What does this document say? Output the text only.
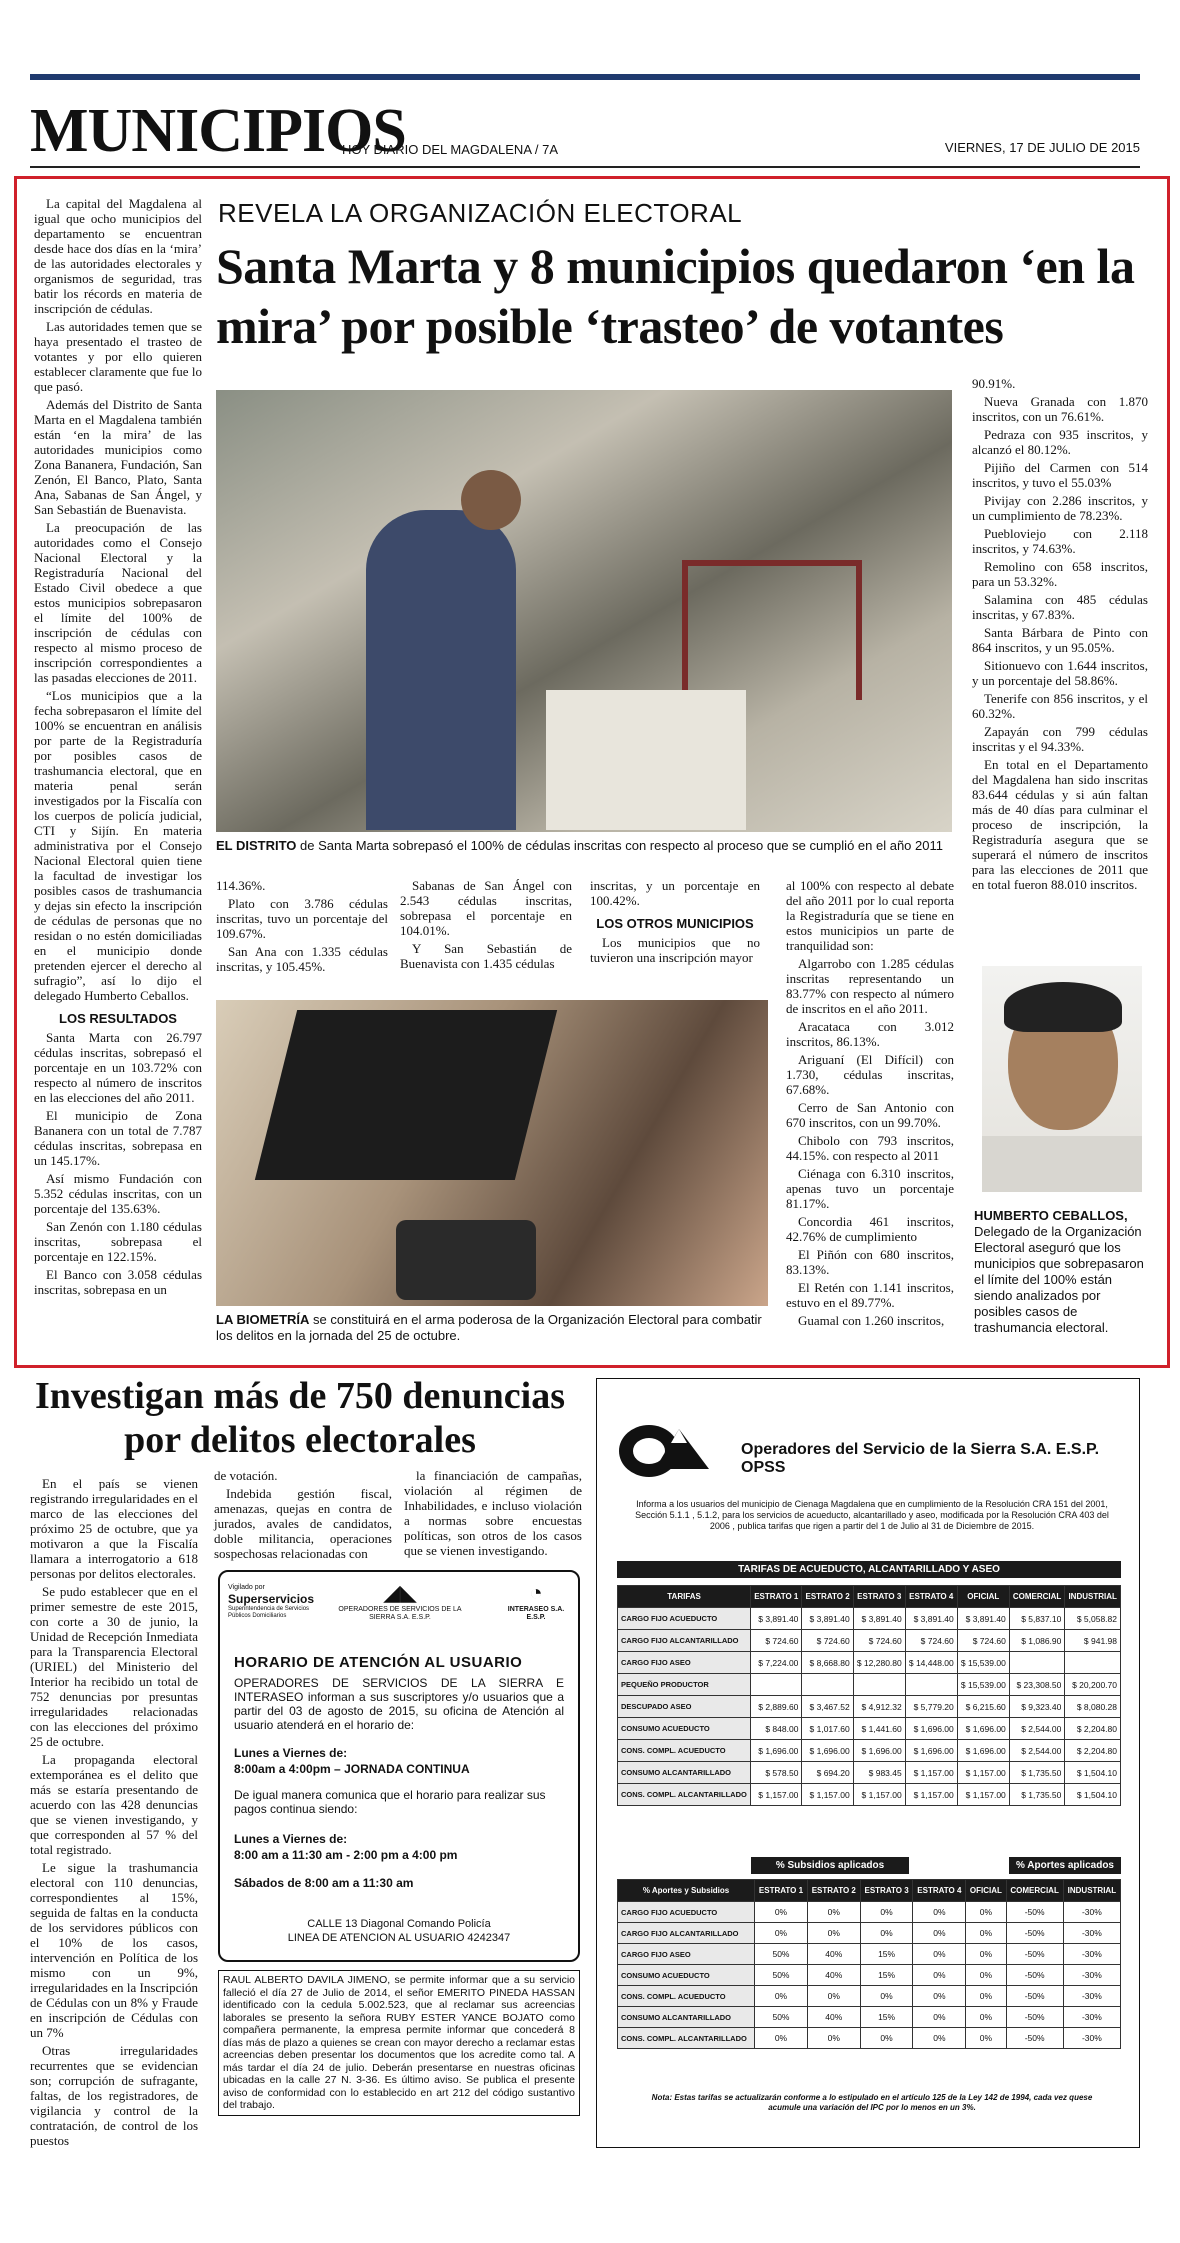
MUNICIPIOS
HOY DIARIO DEL MAGDALENA / 7A	VIERNES, 17 DE JULIO DE 2015

La capital del Magdalena al igual que ocho municipios del departamento se encuentran desde hace dos días en la ‘mira’ de las autoridades electorales y organismos de seguridad, tras batir los récords en materia de inscripción de cédulas.

Las autoridades temen que se haya presentado el trasteo de votantes y por ello quieren establecer claramente que fue lo que pasó.

Además del Distrito de Santa Marta en el Magdalena también están ‘en la mira’ de las autoridades municipios como Zona Bananera, Fundación, San Zenón, El Banco, Plato, Santa Ana, Sabanas de San Ángel, y San Sebastián de Buenavista.

La preocupación de las autoridades como el Consejo Nacional Electoral y la Registraduría Nacional del Estado Civil obedece a que estos municipios sobrepasaron el límite del 100% de inscripción de cédulas con respecto al mismo proceso de inscripción correspondientes a las pasadas elecciones de 2011.

“Los municipios que a la fecha sobrepasaron el límite del 100% se encuentran en análisis por parte de la Registraduría por posibles casos de trashumancia electoral, que en materia penal serán investigados por la Fiscalía con los cuerpos de policía judicial, CTI y Sijín. En materia administrativa por el Consejo Nacional Electoral quien tiene la facultad de investigar los posibles casos de trashumancia y dejas sin efecto la inscripción de cédulas de personas que no residan o no estén domiciliadas en el municipio donde pretenden ejercer el derecho al sufragio”, así lo dijo el delegado Humberto Ceballos.

LOS RESULTADOS

Santa Marta con 26.797 cédulas inscritas, sobrepasó el porcentaje en un 103.72% con respecto al número de inscritos en las elecciones del año 2011.

El municipio de Zona Bananera con un total de 7.787 cédulas inscritas, sobrepasa en un 145.17%.

Así mismo Fundación con 5.352 cédulas inscritas, con un porcentaje del 135.63%.

San Zenón con 1.180 cédulas inscritas, sobrepasa el porcentaje en 122.15%.

El Banco con 3.058 cédulas inscritas, sobrepasa en un

REVELA LA ORGANIZACIÓN ELECTORAL
Santa Marta y 8 municipios quedaron ‘en la mira’ por posible ‘trasteo’ de votantes
EL DISTRITO de Santa Marta sobrepasó el 100% de cédulas inscritas con respecto al proceso que se cumplió en el año 2011

114.36%.

Plato con 3.786 cédulas inscritas, tuvo un porcentaje del 109.67%.

San Ana con 1.335 cédulas inscritas, y 105.45%.

Sabanas de San Ángel con 2.543 cédulas inscritas, sobrepasa el porcentaje en 104.01%.

Y San Sebastián de Buenavista con 1.435 cédulas

inscritas, y un porcentaje en 100.42%.

LOS OTROS MUNICIPIOS

Los municipios que no tuvieron una inscripción mayor

al 100% con respecto al debate del año 2011 por lo cual reporta la Registraduría que se tiene en estos municipios un parte de tranquilidad son:

Algarrobo con 1.285 cédulas inscritas representando un 83.77% con respecto al número de inscritos en el año 2011.

Aracataca con 3.012 inscritos, 86.13%.

Ariguaní (El Difícil) con 1.730, cédulas inscritas, 67.68%.

Cerro de San Antonio con 670 inscritos, con un 99.70%.

Chibolo con 793 inscritos, 44.15%. con respecto al 2011

Ciénaga con 6.310 inscritos, apenas tuvo un porcentaje 81.17%.

Concordia 461 inscritos, 42.76% de cumplimiento

El Piñón con 680 inscritos, 83.13%.

El Retén con 1.141 inscritos, estuvo en el 89.77%.

Guamal con 1.260 inscritos,

90.91%.

Nueva Granada con 1.870 inscritos, con un 76.61%.

Pedraza con 935 inscritos, y alcanzó el 80.12%.

Pijiño del Carmen con 514 inscritos, y tuvo el 55.03%

Pivijay con 2.286 inscritos, y un cumplimiento de 78.23%.

Puebloviejo con 2.118 inscritos, y 74.63%.

Remolino con 658 inscritos, para un 53.32%.

Salamina con 485 cédulas inscritas, y 67.83%.

Santa Bárbara de Pinto con 864 inscritos, y un 95.05%.

Sitionuevo con 1.644 inscritos, y un porcentaje del 58.86%.

Tenerife con 856 inscritos, y el 60.32%.

Zapayán con 799 cédulas inscritas y el 94.33%.

En total en el Departamento del Magdalena han sido inscritas 83.644 cédulas y si aún faltan más de 40 días para culminar el proceso de inscripción, la Registraduría asegura que se superará el número de inscritos para las elecciones de 2011 que en total fueron 88.010 inscritos.

LA BIOMETRÍA se constituirá en el arma poderosa de la Organización Electoral para combatir los delitos en la jornada del 25 de octubre.
HUMBERTO CEBALLOS, Delegado de la Organización Electoral aseguró que los municipios que sobrepasaron el límite del 100% están siendo analizados por posibles casos de trashumancia electoral.
Investigan más de 750 denuncias por delitos electorales

En el país se vienen registrando irregularidades en el marco de las elecciones del próximo 25 de octubre, que ya motivaron a que la Fiscalía llamara a interrogatorio a 618 personas por delitos electorales.

Se pudo establecer que en el primer semestre de este 2015, con corte a 30 de junio, la Unidad de Recepción Inmediata para la Transparencia Electoral (URIEL) del Ministerio del Interior ha recibido un total de 752 denuncias por presuntas irregularidades relacionadas con las elecciones del próximo 25 de octubre.

La propaganda electoral extemporánea es el delito que más se estaría presentando de acuerdo con las 428 denuncias que se vienen investigando, y que corresponden al 57 % del total registrado.

Le sigue la trashumancia electoral con 110 denuncias, correspondientes al 15%, seguida de faltas en la conducta de los servidores públicos con el 10% de los casos, intervención en Política de los mismo con un 9%, irregularidades en la Inscripción de Cédulas con un 8% y Fraude en inscripción de Cédulas con un 7%

Otras irregularidades recurrentes que se evidencian son; corrupción de sufragante, faltas, de los registradores, de vigilancia y control de la contratación, de control de los puestos

de votación.

Indebida gestión fiscal, amenazas, quejas en contra de jurados, avales de candidatos, doble militancia, operaciones sospechosas relacionadas con

la financiación de campañas, violación al régimen de Inhabilidades, e incluso violación a normas sobre encuestas políticas, son otros de los casos que se vienen investigando.

Vigilado por
Superservicios
Superintendencia de Servicios Públicos Domiciliarios
◢◣
OPERADORES DE SERVICIOS DE LA SIERRA S.A. E.S.P.
◔
INTERASEO S.A. E.S.P.
HORARIO DE ATENCIÓN AL USUARIO
OPERADORES DE SERVICIOS DE LA SIERRA E INTERASEO informan a sus suscriptores y/o usuarios que a partir del 03 de agosto de 2015, su oficina de Atención al usuario atenderá en el horario de:
Lunes a Viernes de:
8:00am a 4:00pm – JORNADA CONTINUA
De igual manera comunica que el horario para realizar sus pagos continua siendo:
Lunes a Viernes de:
8:00 am a 11:30 am - 2:00 pm a 4:00 pm
Sábados de 8:00 am a 11:30 am
CALLE 13 Diagonal Comando Policía
LINEA DE ATENCION AL USUARIO 4242347
RAUL ALBERTO DAVILA JIMENO, se permite informar que a su servicio falleció el día 27 de Julio de 2014, el señor EMERITO PINEDA HASSAN identificado con la cedula 5.002.523, que al reclamar sus acreencias laborales se presento la señora RUBY ESTER YANCE BOJATO como compañera permanente, la empresa permite informar que concederá 8 días más de plazo a quienes se crean con mayor derecho a reclamar estas acreencias deben presentar los documentos que los acredite como tal. A más tardar el día 24 de julio. Deberán presentarse en nuestras oficinas ubicadas en la calle 27 N. 3-36. Es último aviso. Se publica el presente aviso de conformidad con lo establecido en art 212 del código sustantivo del trabajo.
Operadores del Servicio de la Sierra S.A. E.S.P. OPSS
Informa a los usuarios del municipio de Cienaga Magdalena que en cumplimiento de la Resolución CRA 151 del 2001, Sección 5.1.1 , 5.1.2, para los servicios de acueducto, alcantarillado y aseo, modificada por la Resolución CRA 403 del 2006 , publica tarifas que rigen a partir del 1 de Julio al 31 de Diciembre de 2015.
TARIFAS DE ACUEDUCTO, ALCANTARILLADO Y ASEO
TARIFAS	ESTRATO 1	ESTRATO 2	ESTRATO 3	ESTRATO 4	OFICIAL	COMERCIAL	INDUSTRIAL
CARGO FIJO ACUEDUCTO	$ 3,891.40	$ 3,891.40	$ 3,891.40	$ 3,891.40	$ 3,891.40	$ 5,837.10	$ 5,058.82
CARGO FIJO ALCANTARILLADO	$ 724.60	$ 724.60	$ 724.60	$ 724.60	$ 724.60	$ 1,086.90	$ 941.98
CARGO FIJO ASEO	$ 7,224.00	$ 8,668.80	$ 12,280.80	$ 14,448.00	$ 15,539.00		
PEQUEÑO PRODUCTOR					$ 15,539.00	$ 23,308.50	$ 20,200.70
DESCUPADO ASEO	$ 2,889.60	$ 3,467.52	$ 4,912.32	$ 5,779.20	$ 6,215.60	$ 9,323.40	$ 8,080.28
CONSUMO ACUEDUCTO	$ 848.00	$ 1,017.60	$ 1,441.60	$ 1,696.00	$ 1,696.00	$ 2,544.00	$ 2,204.80
CONS. COMPL. ACUEDUCTO	$ 1,696.00	$ 1,696.00	$ 1,696.00	$ 1,696.00	$ 1,696.00	$ 2,544.00	$ 2,204.80
CONSUMO ALCANTARILLADO	$ 578.50	$ 694.20	$ 983.45	$ 1,157.00	$ 1,157.00	$ 1,735.50	$ 1,504.10
CONS. COMPL. ALCANTARILLADO	$ 1,157.00	$ 1,157.00	$ 1,157.00	$ 1,157.00	$ 1,157.00	$ 1,735.50	$ 1,504.10
% Subsidios aplicados	% Aportes aplicados
% Aportes y Subsidios	ESTRATO 1	ESTRATO 2	ESTRATO 3	ESTRATO 4	OFICIAL	COMERCIAL	INDUSTRIAL
CARGO FIJO ACUEDUCTO	0%	0%	0%	0%	0%	-50%	-30%
CARGO FIJO ALCANTARILLADO	0%	0%	0%	0%	0%	-50%	-30%
CARGO FIJO ASEO	50%	40%	15%	0%	0%	-50%	-30%
CONSUMO ACUEDUCTO	50%	40%	15%	0%	0%	-50%	-30%
CONS. COMPL. ACUEDUCTO	0%	0%	0%	0%	0%	-50%	-30%
CONSUMO ALCANTARILLADO	50%	40%	15%	0%	0%	-50%	-30%
CONS. COMPL. ALCANTARILLADO	0%	0%	0%	0%	0%	-50%	-30%
Nota: Estas tarifas se actualizarán conforme a lo estipulado en el artículo 125 de la Ley 142 de 1994, cada vez quese acumule una variación del IPC por lo menos en un 3%.
